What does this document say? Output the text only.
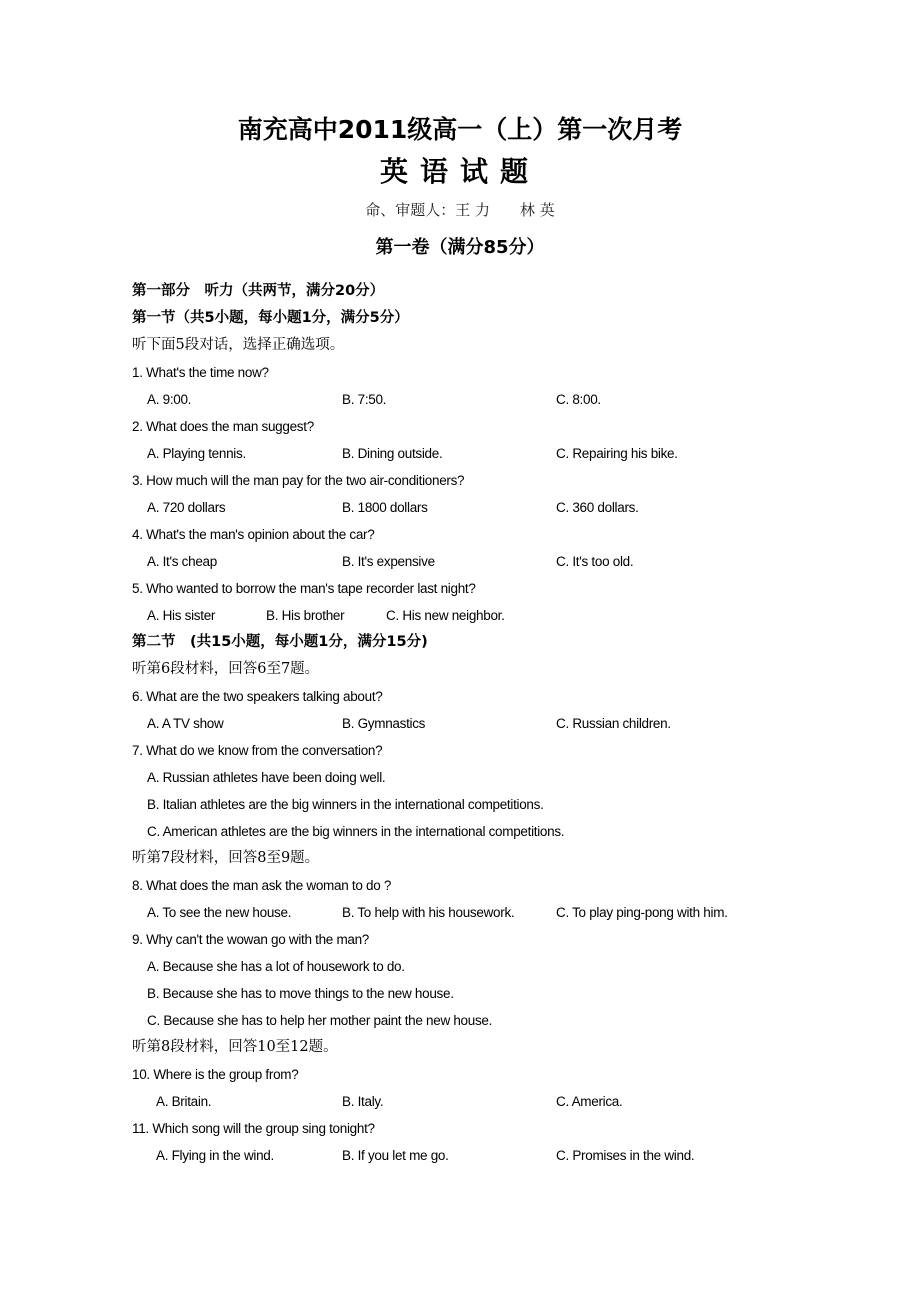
南充高中2011级高一（上）第一次月考
英语试题
命、审题人：王 力　　林 英
第一卷（满分85分）
第一部分　听力（共两节，满分20分）
第一节（共5小题，每小题1分，满分5分）
听下面5段对话，选择正确选项。
1. What's the time now?
A. 9:00.	B. 7:50.	C. 8:00.
2. What does the man suggest?
A. Playing tennis.	B. Dining outside.	C. Repairing his bike.
3. How much will the man pay for the two air-conditioners?
A. 720 dollars	B. 1800 dollars	C. 360 dollars.
4. What's the man's opinion about the car?
A. It's cheap	B. It's expensive	C. It's too old.
5. Who wanted to borrow the man's tape recorder last night?
A. His sister	B. His brother	C. His new neighbor.
第二节　(共15小题，每小题1分，满分15分)
听第6段材料，回答6至7题。
6. What are the two speakers talking about?
A. A TV show	B. Gymnastics	C. Russian children.
7. What do we know from the conversation?
A. Russian athletes have been doing well.
B. Italian athletes are the big winners in the international competitions.
C. American athletes are the big winners in the international competitions.
听第7段材料，回答8至9题。
8. What does the man ask the woman to do ?
A. To see the new house.	B. To help with his housework.	C. To play ping-pong with him.
9. Why can't the wowan go with the man?
A. Because she has a lot of housework to do.
B. Because she has to move things to the new house.
C. Because she has to help her mother paint the new house.
听第8段材料，回答10至12题。
10. Where is the group from?
A. Britain.	B. Italy.	C. America.
11. Which song will the group sing tonight?
A. Flying in the wind.	B. If you let me go.	C. Promises in the wind.
